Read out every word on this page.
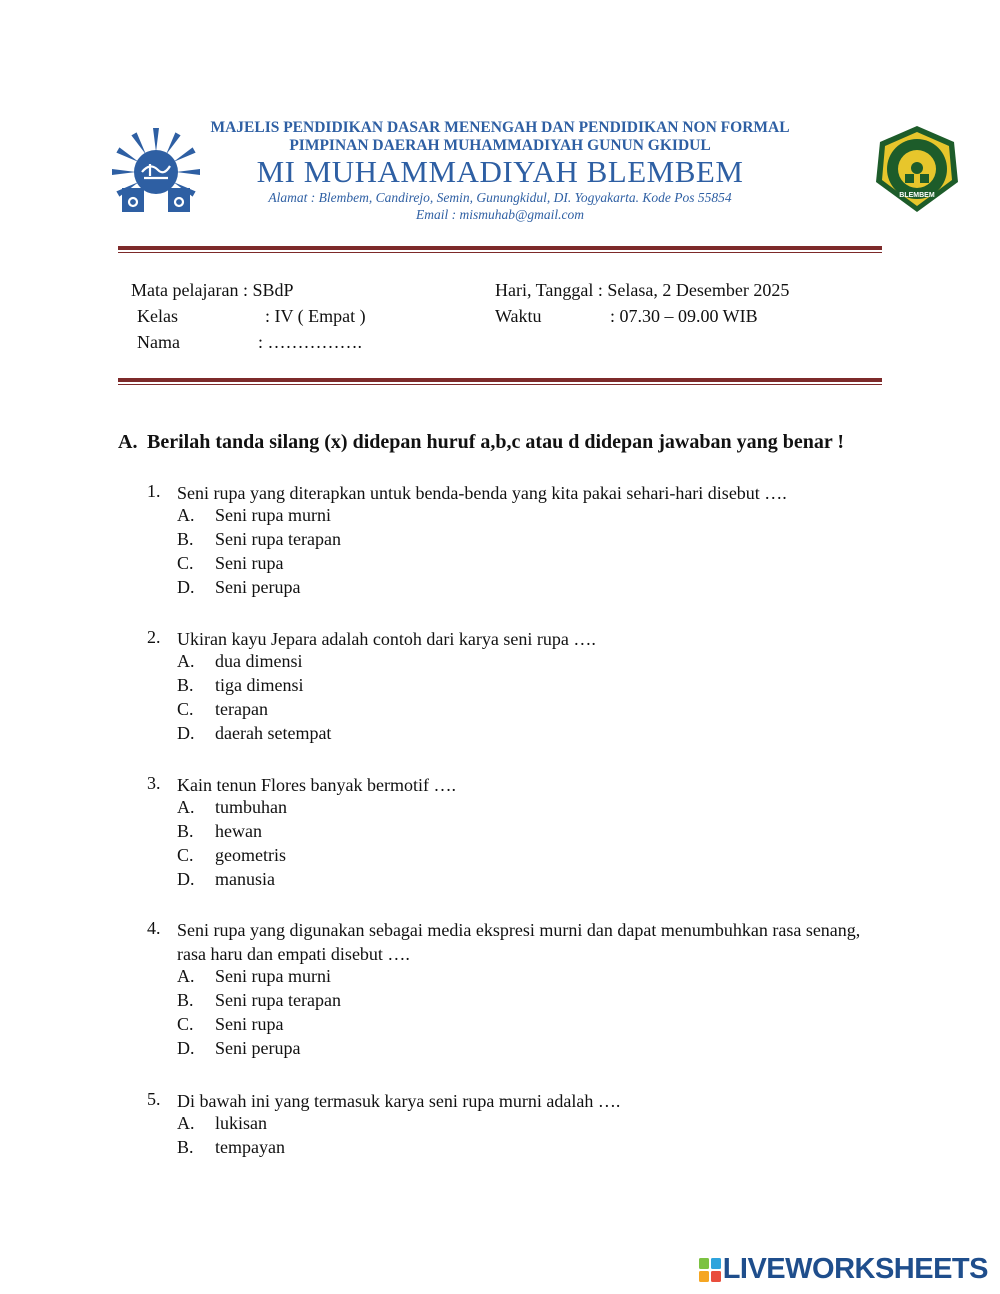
MAJELIS PENDIDIKAN DASAR MENENGAH DAN PENDIDIKAN NON FORMAL
PIMPINAN DAERAH MUHAMMADIYAH GUNUN GKIDUL
MI MUHAMMADIYAH BLEMBEM
Alamat : Blembem, Candirejo, Semin, Gunungkidul, DI. Yogyakarta. Kode Pos 55854
Email : mismuhab@gmail.com
BLEMBEM
Mata pelajaran : SBdP
Kelas	: IV ( Empat )
Nama	: …………….
Hari, Tanggal : Selasa, 2 Desember 2025
Waktu	: 07.30 – 09.00 WIB
A. Berilah tanda silang (x) didepan huruf a,b,c atau d didepan jawaban yang benar !
1. Seni rupa yang diterapkan untuk benda-benda yang kita pakai sehari-hari disebut ….
A. Seni rupa murni
B. Seni rupa terapan
C. Seni rupa
D. Seni perupa
2. Ukiran kayu Jepara adalah contoh dari karya seni rupa ….
A. dua dimensi
B. tiga dimensi
C. terapan
D. daerah setempat
3. Kain tenun Flores banyak bermotif ….
A. tumbuhan
B. hewan
C. geometris
D. manusia
4. Seni rupa yang digunakan sebagai media ekspresi murni dan dapat menumbuhkan rasa senang, rasa haru dan empati disebut ….
A. Seni rupa murni
B. Seni rupa terapan
C. Seni rupa
D. Seni perupa
5. Di bawah ini yang termasuk karya seni rupa murni adalah ….
A. lukisan
B. tempayan
LIVEWORKSHEETS
